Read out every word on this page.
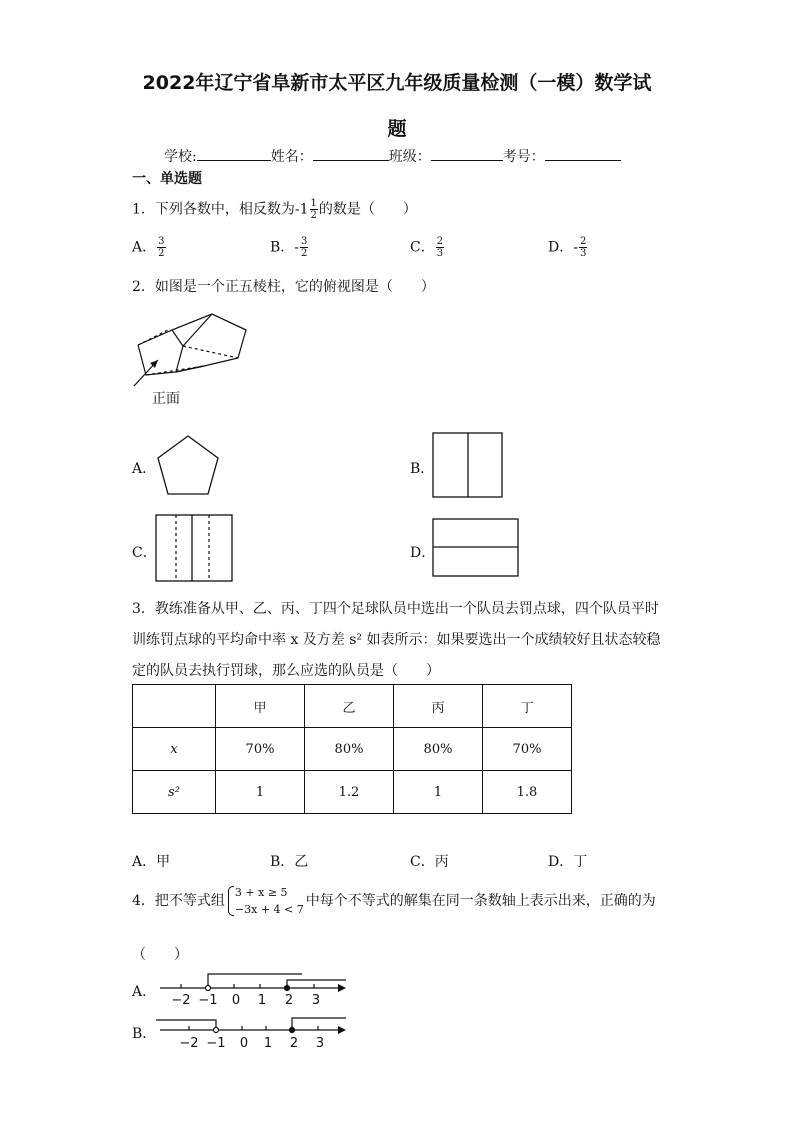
2022年辽宁省阜新市太平区九年级质量检测（一模）数学试
题
学校:	姓名：	班级：	考号：
一、单选题
1．下列各数中，相反数为$-1 \frac{1}{2}$ 的数是（　　）
A． $\frac{3}{2}$	B．- $\frac{3}{2}$	C． $\frac{2}{3}$	D．- $\frac{2}{3}$
2．如图是一个正五棱柱，它的俯视图是（　　）
正面
A．	B．
C．	D．
3．教练准备从甲、乙、丙、丁四个足球队员中选出一个队员去罚点球，四个队员平时
训练罚点球的平均命中率 x 及方差 s² 如表所示：如果要选出一个成绩较好且状态较稳
定的队员去执行罚球，那么应选的队员是（　　）
	甲	乙	丙	丁
x	70%	80%	80%	70%
s²	1	1.2	1	1.8
A．甲	B．乙	C．丙	D．丁
4．把不等式组
3 + x ≥ 5
−3x + 4 < 7
中每个不等式的解集在同一条数轴上表示出来，正确的为
（　　）
A．
−2 −1 0 1 2 3
B．
−2 −1 0 1 2 3
